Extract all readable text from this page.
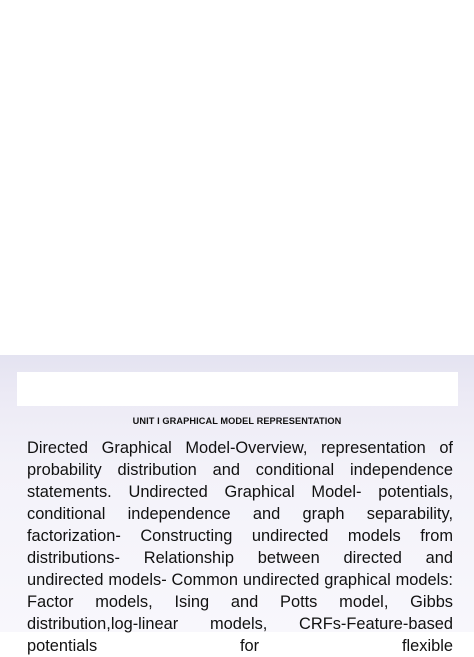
UNIT I GRAPHICAL MODEL REPRESENTATION

Directed Graphical Model-Overview, representation of probability distribution and conditional independence statements. Undirected Graphical Model- potentials, conditional independence and graph separability, factorization- Constructing undirected models from distributions- Relationship between directed and undirected models- Common undirected graphical models: Factor models, Ising and Potts model, Gibbs distribution,log-linear models, CRFs-Feature-based potentials for flexible
